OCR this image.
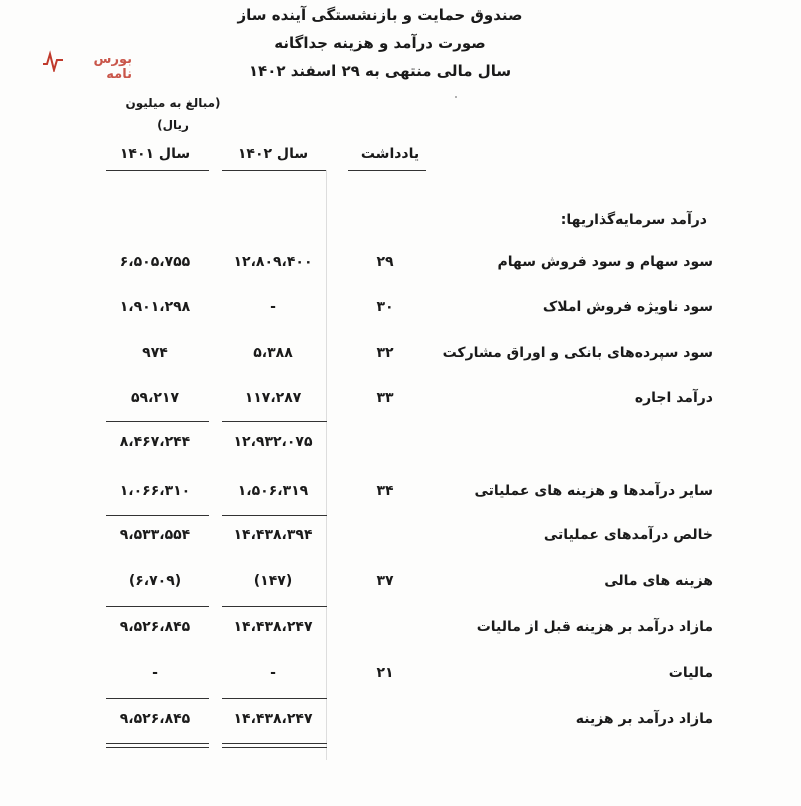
صندوق حمایت و بازنشستگی آینده ساز
صورت درآمد و هزینه جداگانه
سال مالی منتهی به ۲۹ اسفند ۱۴۰۲
بورس نامه
(مبالغ به میلیون
ریال)
یادداشت
سال ۱۴۰۲
سال ۱۴۰۱
درآمد سرمایه‌گذاریها:
سود سهام و سود فروش سهام
۲۹
۱۲،۸۰۹،۴۰۰
۶،۵۰۵،۷۵۵
سود ناویژه فروش املاک
۳۰
-
۱،۹۰۱،۲۹۸
سود سپرده‌های بانکی و اوراق مشارکت
۳۲
۵،۳۸۸
۹۷۴
درآمد اجاره
۳۳
۱۱۷،۲۸۷
۵۹،۲۱۷
۱۲،۹۳۲،۰۷۵
۸،۴۶۷،۲۴۴
سایر درآمدها و هزینه های عملیاتی
۳۴
۱،۵۰۶،۳۱۹
۱،۰۶۶،۳۱۰
خالص درآمدهای عملیاتی
۱۴،۴۳۸،۳۹۴
۹،۵۳۳،۵۵۴
هزینه های مالی
۳۷
(۱۴۷)
(۶،۷۰۹)
مازاد درآمد بر هزینه قبل از مالیات
۱۴،۴۳۸،۲۴۷
۹،۵۲۶،۸۴۵
مالیات
۲۱
-
-
مازاد درآمد بر هزینه
۱۴،۴۳۸،۲۴۷
۹،۵۲۶،۸۴۵
